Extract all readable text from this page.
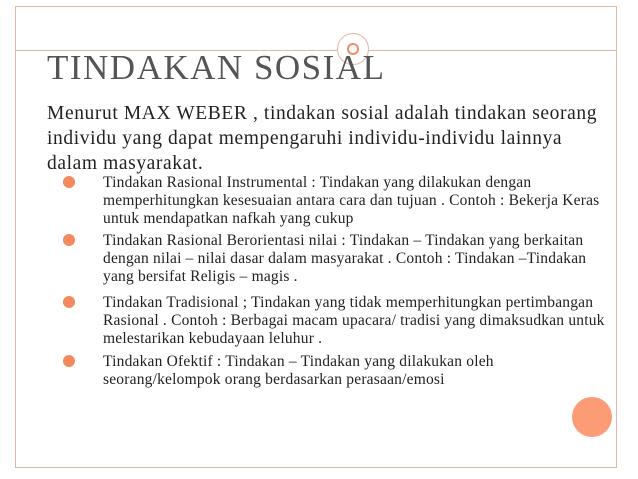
TINDAKAN SOSIAL
Menurut MAX WEBER , tindakan sosial adalah tindakan seorang individu yang dapat mempengaruhi individu-individu lainnya dalam masyarakat.
Tindakan Rasional Instrumental : Tindakan yang dilakukan dengan memperhitungkan kesesuaian antara cara dan tujuan . Contoh : Bekerja Keras untuk mendapatkan nafkah yang cukup
Tindakan Rasional Berorientasi nilai : Tindakan – Tindakan yang berkaitan dengan nilai – nilai dasar dalam masyarakat . Contoh : Tindakan –Tindakan yang bersifat Religis – magis .
Tindakan Tradisional ; Tindakan yang tidak memperhitungkan pertimbangan Rasional . Contoh : Berbagai macam upacara/ tradisi yang dimaksudkan untuk melestarikan kebudayaan leluhur .
Tindakan Ofektif : Tindakan – Tindakan yang dilakukan oleh seorang/kelompok orang berdasarkan perasaan/emosi
